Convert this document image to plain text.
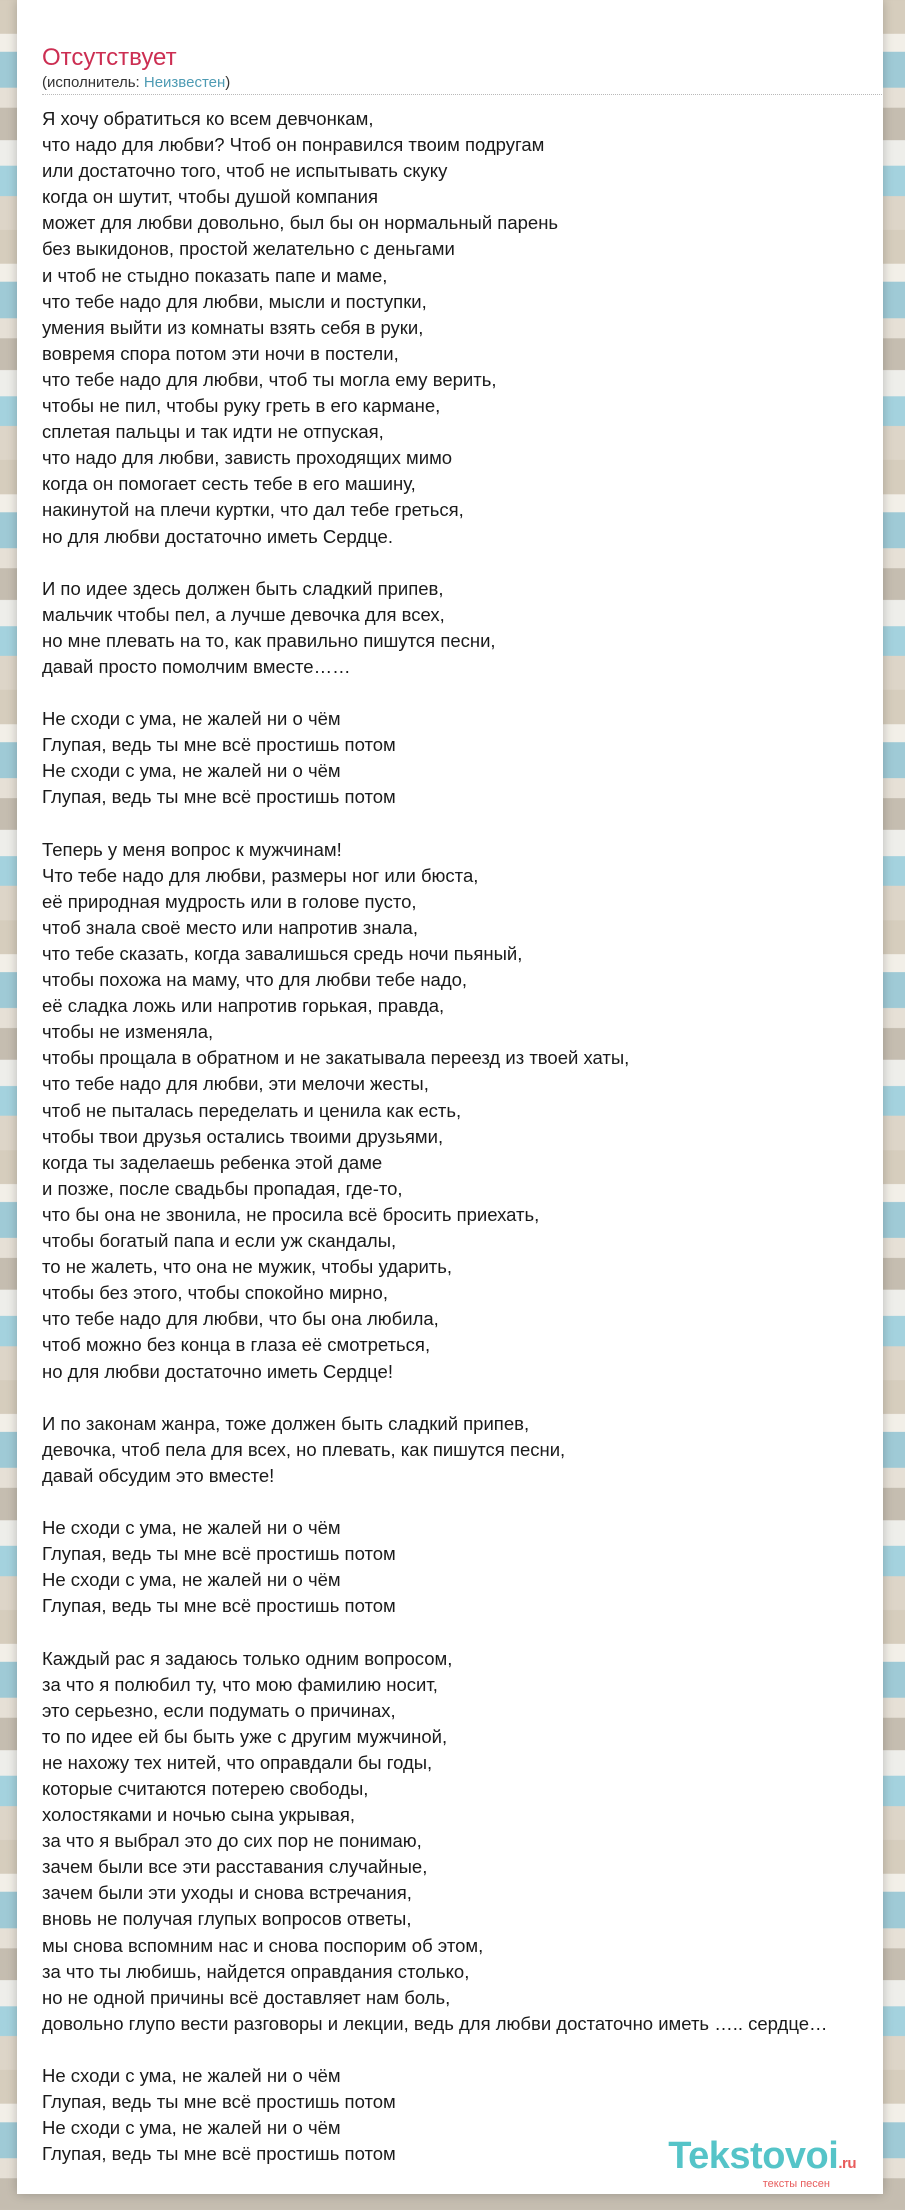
Отсутствует
(исполнитель: Неизвестен)
Я хочу обратиться ко всем девчонкам,
что надо для любви? Чтоб он понравился твоим подругам
или достаточно того, чтоб не испытывать скуку
когда он шутит, чтобы душой компания
может для любви довольно, был бы он нормальный парень
без выкидонов, простой желательно с деньгами
и чтоб не стыдно показать папе и маме,
что тебе надо для любви, мысли и поступки,
умения выйти из комнаты взять себя в руки,
вовремя спора потом эти ночи в постели,
что тебе надо для любви, чтоб ты могла ему верить,
чтобы не пил, чтобы руку греть в его кармане,
сплетая пальцы и так идти не отпуская,
что надо для любви, зависть проходящих мимо
когда он помогает сесть тебе в его машину,
накинутой на плечи куртки, что дал тебе греться,
но для любви достаточно иметь Сердце.
И по идее здесь должен быть сладкий припев,
мальчик чтобы пел, а лучше девочка для всех,
но мне плевать на то, как правильно пишутся песни,
давай просто помолчим вместе……
Не сходи с ума, не жалей ни о чём
Глупая, ведь ты мне всё простишь потом
Не сходи с ума, не жалей ни о чём
Глупая, ведь ты мне всё простишь потом
Теперь у меня вопрос к мужчинам!
Что тебе надо для любви, размеры ног или бюста,
её природная мудрость или в голове пусто,
чтоб знала своё место или напротив знала,
что тебе сказать, когда завалишься средь ночи пьяный,
чтобы похожа на маму, что для любви тебе надо,
её сладка ложь или напротив горькая, правда,
чтобы не изменяла,
чтобы прощала в обратном и не закатывала переезд из твоей хаты,
что тебе надо для любви, эти мелочи жесты,
чтоб не пыталась переделать и ценила как есть,
чтобы твои друзья остались твоими друзьями,
когда ты заделаешь ребенка этой даме
и позже, после свадьбы пропадая, где-то,
что бы она не звонила, не просила всё бросить приехать,
чтобы богатый папа и если уж скандалы,
то не жалеть, что она не мужик, чтобы ударить,
чтобы без этого, чтобы спокойно мирно,
что тебе надо для любви, что бы она любила,
чтоб можно без конца в глаза её смотреться,
но для любви достаточно иметь Сердце!
И по законам жанра, тоже должен быть сладкий припев,
девочка, чтоб пела для всех, но плевать, как пишутся песни,
давай обсудим это вместе!
Не сходи с ума, не жалей ни о чём
Глупая, ведь ты мне всё простишь потом
Не сходи с ума, не жалей ни о чём
Глупая, ведь ты мне всё простишь потом
Каждый рас я задаюсь только одним вопросом,
за что я полюбил ту, что мою фамилию носит,
это серьезно, если подумать о причинах,
то по идее ей бы быть уже с другим мужчиной,
не нахожу тех нитей, что оправдали бы годы,
которые считаются потерею свободы,
холостяками и ночью сына укрывая,
за что я выбрал это до сих пор не понимаю,
зачем были все эти расставания случайные,
зачем были эти уходы и снова встречания,
вновь не получая глупых вопросов ответы,
мы снова вспомним нас и снова поспорим об этом,
за что ты любишь, найдется оправдания столько,
но не одной причины всё доставляет нам боль,
довольно глупо вести разговоры и лекции, ведь для любви достаточно иметь ….. сердце…
Не сходи с ума, не жалей ни о чём
Глупая, ведь ты мне всё простишь потом
Не сходи с ума, не жалей ни о чём
Глупая, ведь ты мне всё простишь потом	Tekstovoi.ru
тексты песен
